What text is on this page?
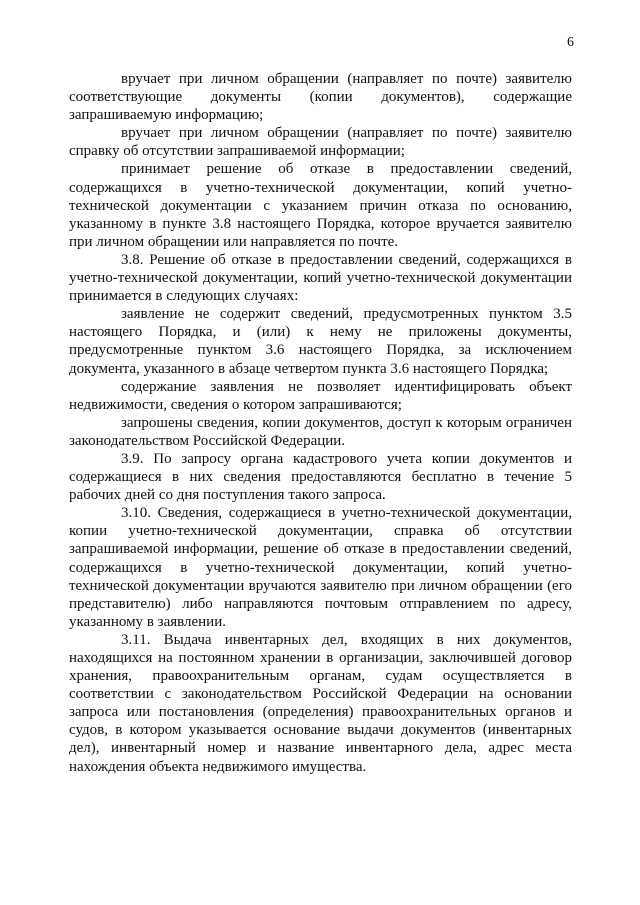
6

вручает при личном обращении (направляет по почте) заявителю соответствующие документы (копии документов), содержащие запрашиваемую информацию;

вручает при личном обращении (направляет по почте) заявителю справку об отсутствии запрашиваемой информации;

принимает решение об отказе в предоставлении сведений, содержащихся в учетно-технической документации, копий учетно-технической документации с указанием причин отказа по основанию, указанному в пункте 3.8 настоящего Порядка, которое вручается заявителю при личном обращении или направляется по почте.

3.8. Решение об отказе в предоставлении сведений, содержащихся в учетно-технической документации, копий учетно-технической документации принимается в следующих случаях:

заявление не содержит сведений, предусмотренных пунктом 3.5 настоящего Порядка, и (или) к нему не приложены документы, предусмотренные пунктом 3.6 настоящего Порядка, за исключением документа, указанного в абзаце четвертом пункта 3.6 настоящего Порядка;

содержание заявления не позволяет идентифицировать объект недвижимости, сведения о котором запрашиваются;

запрошены сведения, копии документов, доступ к которым ограничен законодательством Российской Федерации.

3.9. По запросу органа кадастрового учета копии документов и содержащиеся в них сведения предоставляются бесплатно в течение 5 рабочих дней со дня поступления такого запроса.

3.10. Сведения, содержащиеся в учетно-технической документации, копии учетно-технической документации, справка об отсутствии запрашиваемой информации, решение об отказе в предоставлении сведений, содержащихся в учетно-технической документации, копий учетно-технической документации вручаются заявителю при личном обращении (его представителю) либо направляются почтовым отправлением по адресу, указанному в заявлении.

3.11. Выдача инвентарных дел, входящих в них документов, находящихся на постоянном хранении в организации, заключившей договор хранения, правоохранительным органам, судам осуществляется в соответствии с законодательством Российской Федерации на основании запроса или постановления (определения) правоохранительных органов и судов, в котором указывается основание выдачи документов (инвентарных дел), инвентарный номер и название инвентарного дела, адрес места нахождения объекта недвижимого имущества.
